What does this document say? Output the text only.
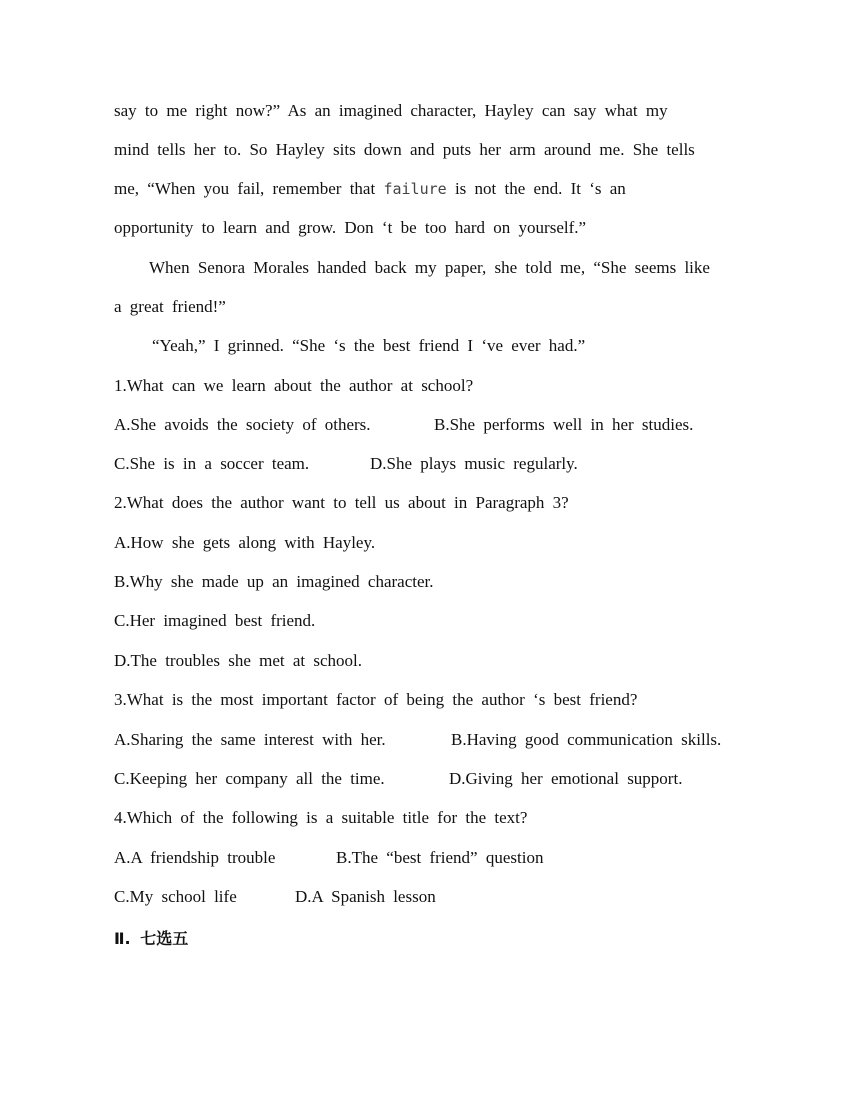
say to me right now?” As an imagined character, Hayley can say what my
mind tells her to. So Hayley sits down and puts her arm around me. She tells
me, “When you fail, remember that failure is not the end. It ‘s an
opportunity to learn and grow. Don ‘t be too hard on yourself.”
When Senora Morales handed back my paper, she told me, “She seems like
a great friend!”
“Yeah,” I grinned. “She ‘s the best friend I ‘ve ever had.”
1.What can we learn about the author at school?
A.She avoids the society of others.	B.She performs well in her studies.
C.She is in a soccer team.	D.She plays music regularly.
2.What does the author want to tell us about in Paragraph 3?
A.How she gets along with Hayley.
B.Why she made up an imagined character.
C.Her imagined best friend.
D.The troubles she met at school.
3.What is the most important factor of being the author ‘s best friend?
A.Sharing the same interest with her.	B.Having good communication skills.
C.Keeping her company all the time.	D.Giving her emotional support.
4.Which of the following is a suitable title for the text?
A.A friendship trouble	B.The “best friend” question
C.My school life	D.A Spanish lesson
Ⅱ. 七选五
